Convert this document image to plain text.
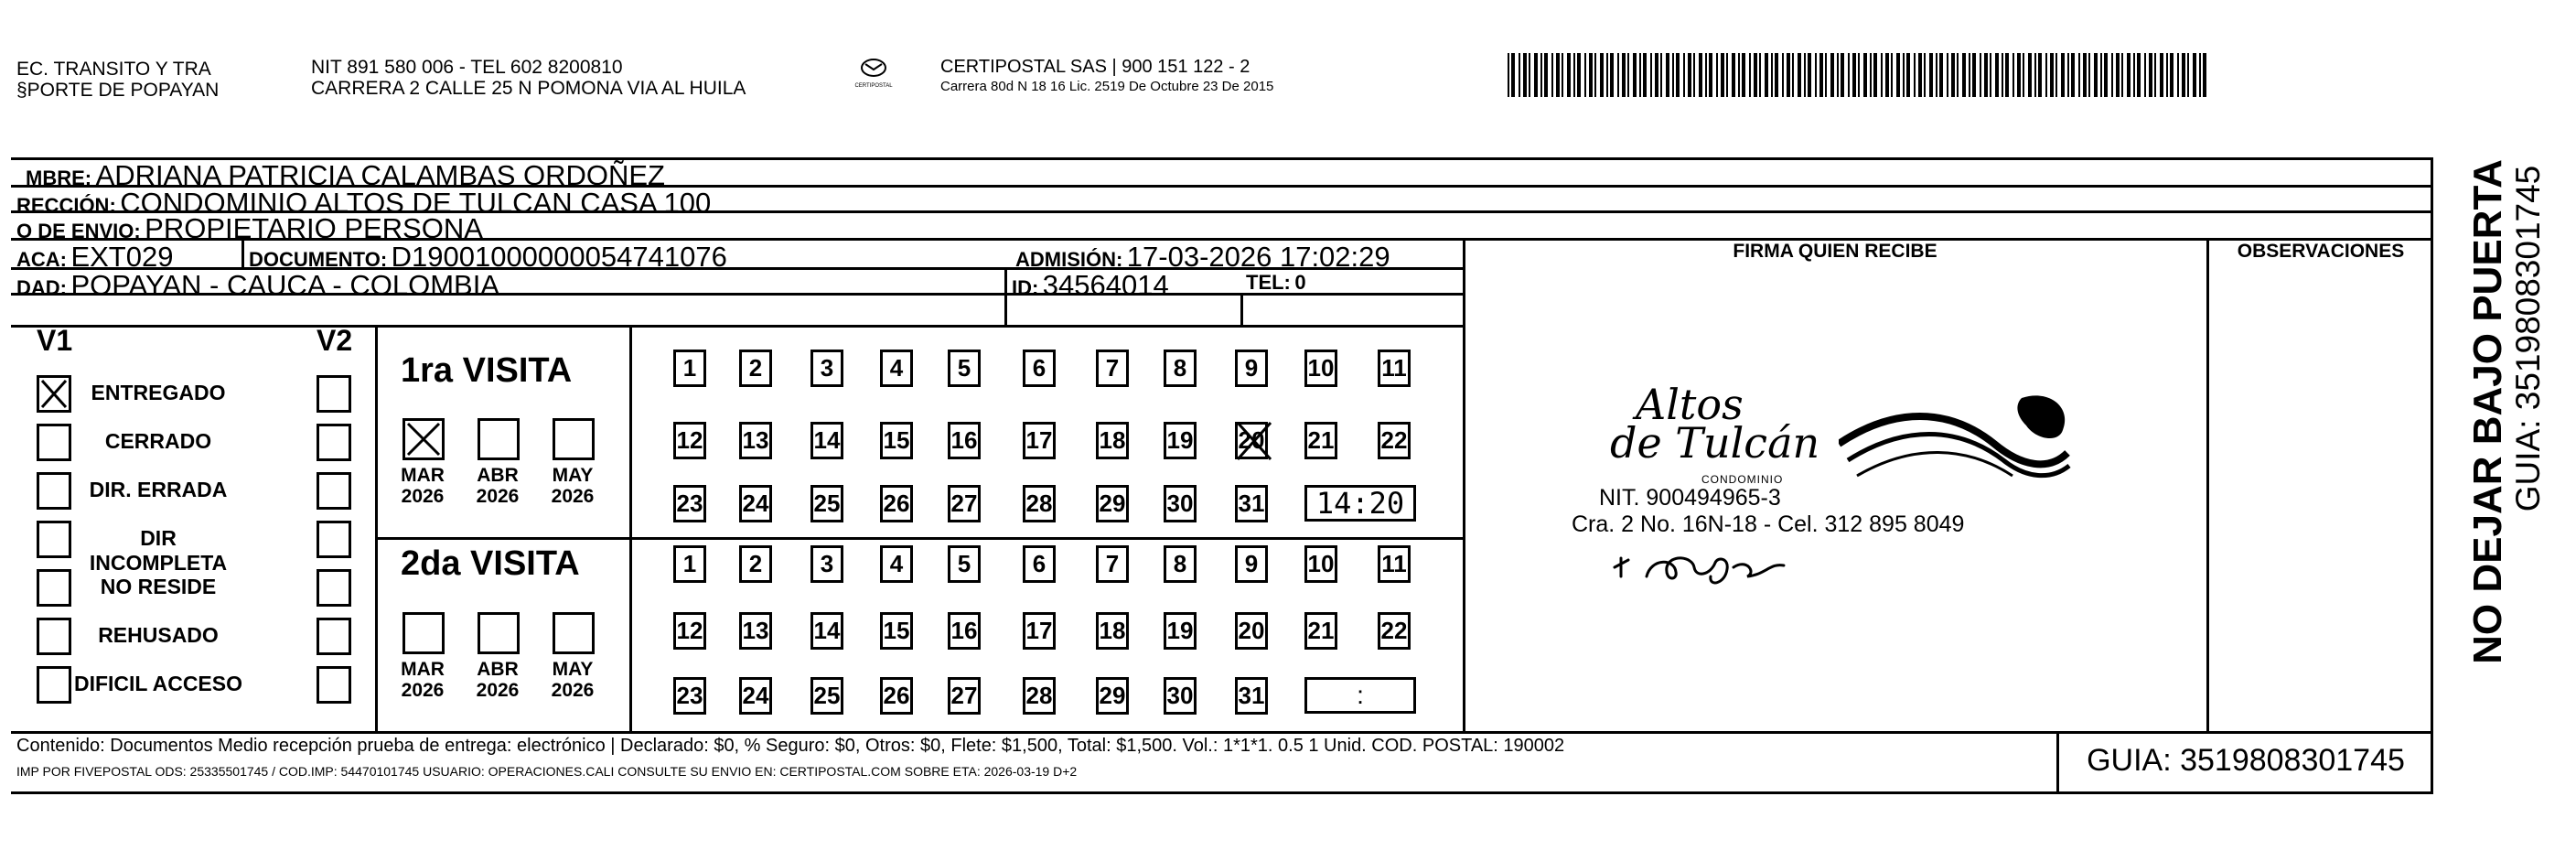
EC. TRANSITO Y TRA
§PORTE DE POPAYAN
NIT 891 580 006 - TEL 602 8200810
CARRERA 2 CALLE 25 N POMONA VIA AL HUILA	CERTIPOSTAL
CERTIPOSTAL SAS | 900 151 122 - 2
Carrera 80d N 18 16 Lic. 2519 De Octubre 23 De 2015
MBRE: ADRIANA PATRICIA CALAMBAS ORDOÑEZ
RECCIÓN: CONDOMINIO ALTOS DE TULCAN CASA 100
O DE ENVIO: PROPIETARIO PERSONA
FIRMA QUIEN RECIBE	OBSERVACIONES
ACA: EXT029	DOCUMENTO: D19001000000054741076	ADMISIÓN: 17-03-2026 17:02:29
DAD: POPAYAN - CAUCA - COLOMBIA	ID: 34564014	TEL: 0
V1	V2
ENTREGADO
CERRADO
DIR. ERRADA
DIR INCOMPLETA
NO RESIDE
REHUSADO
DIFICIL ACCESO
1ra VISITA
2da VISITA
MAR
2026
ABR
2026
MAY
2026
1	2	3	4	5	6	7	8	9	10 11
12 13 14 15 16 17 18 19 20 21 22
23 24 25 26 27 28 29 30 31	14:20
MAR
2026
ABR
2026
MAY
2026
1	2	3	4	5	6	7	8	9	10 11
12 13 14 15 16 17 18 19 20 21 22
23 24 25 26 27 28 29 30 31	:
Altos
de Tulcán
CONDOMINIO
NIT. 900494965-3
Cra. 2 No. 16N-18 - Cel. 312 895 8049	NO DEJAR BAJO PUERTA GUIA: 3519808301745
Contenido: Documentos Medio recepción prueba de entrega: electrónico | Declarado: $0, % Seguro: $0, Otros: $0, Flete: $1,500, Total: $1,500. Vol.: 1*1*1. 0.5 1 Unid. COD. POSTAL: 190002
IMP POR FIVEPOSTAL ODS: 25335501745 / COD.IMP: 54470101745 USUARIO: OPERACIONES.CALI CONSULTE SU ENVIO EN: CERTIPOSTAL.COM SOBRE ETA: 2026-03-19 D+2	GUIA: 3519808301745
